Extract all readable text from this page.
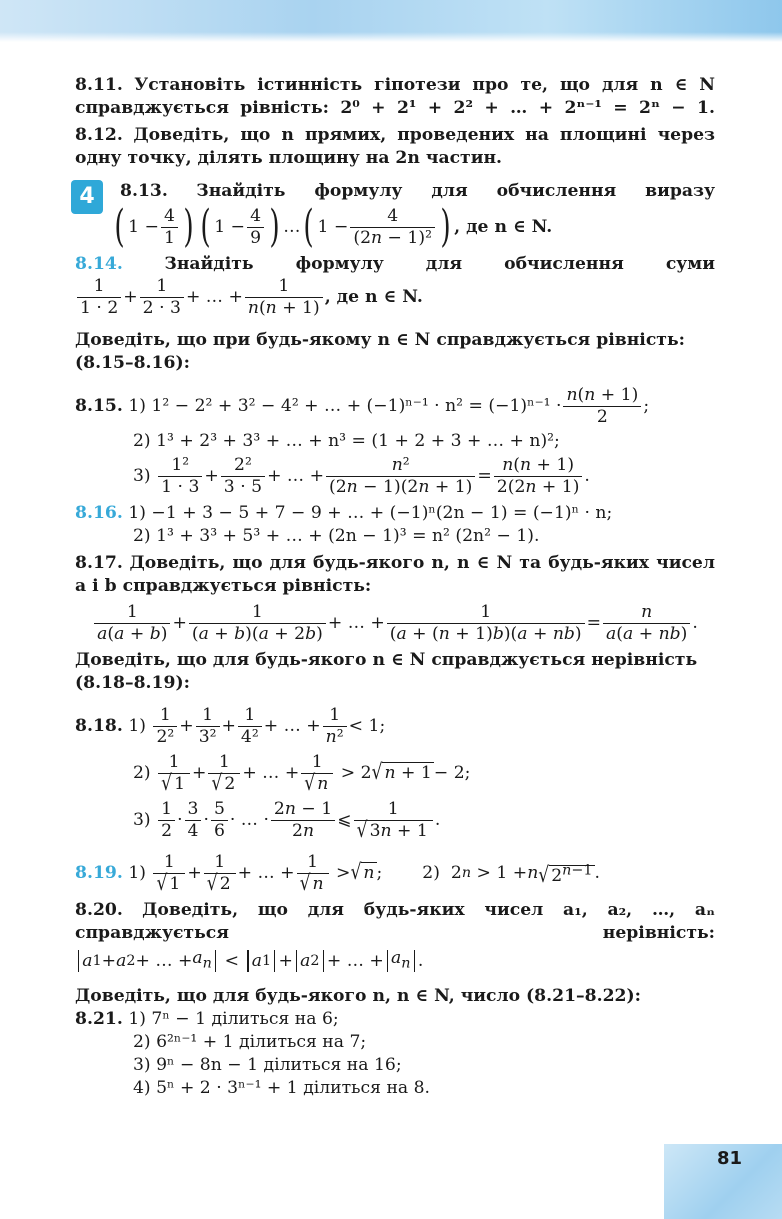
81
8.11. Установіть істинність гіпотези про те, що для n ∈ N справджується рівність: 2⁰ + 2¹ + 2² + … + 2ⁿ⁻¹ = 2ⁿ − 1.
8.12. Доведіть, що n прямих, проведених на площині через одну точку, ділять площину на 2n частин.
4	8.13. Знайдіть формулу для обчислення виразу
( $1 - \frac{4}{1}$ ) ( $1 - \frac{4}{9}$ ) … ( $1 - \frac{4}{\text{(2n − 1)²}}$ ) , де n ∈ N.
8.14. Знайдіть формулу для обчислення суми
$\frac{1}{1 \cdot 2} + \frac{1}{2 \cdot 3}$ + … + $\frac{1}{n(n + 1)}$ , де n ∈ N.
Доведіть, що при будь-якому n ∈ N справджується рівність: (8.15–8.16):
8.15.
1) 1² − 2² + 3² − 4² + … + $(-1)^{n-1} \cdot n^2 = (-1)^{n-1} \cdot \frac{n(n + 1)}{2}$ ;
2) 1³ + 2³ + 3³ + … + n³ = (1 + 2 + 3 + … + n)²;
3)
$\frac{\text{1²}}{1 \cdot 3} + \frac{\text{2²}}{3 \cdot 5}$ + … + $\frac{\text{n²}}{(2n - 1)(2n + 1)} = \frac{n(n + 1)}{2(2n + 1)}$ .
8.16. 1) −1 + 3 − 5 + 7 − 9 + … + (−1)ⁿ(2n − 1) = (−1)ⁿ · n;
2) 1³ + 3³ + 5³ + … + (2n − 1)³ = n² (2n² − 1).
8.17. Доведіть, що для будь-якого n, n ∈ N та будь-яких чисел a і b справджується рівність:
$\frac{1}{a(a + b)} + \frac{1}{(a + b)(a + 2b)}$ + … + $\frac{1}{(a + (n + 1)b)(a + nb)} = \frac{n}{a(a + nb)}$ .
Доведіть, що для будь-якого n ∈ N справджується нерівність (8.18–8.19):
8.18.
1)
$\frac{1}{\text{2²}} + \frac{1}{\text{3²}} + \frac{1}{\text{4²}}$ + … + $\frac{1}{\text{n²}} < 1$;
2)
$\frac{1}{√ 1} + \frac{1}{√ 2}$ + … + $\frac{1}{√ n} > 2$ √ n + 1 − 2;
3)
$\frac{1}{2} \cdot \frac{3}{4} \cdot \frac{5}{6}$ · … · $\frac{2n - 1}{2n}$ ⩽ $\frac{1}{√ 3n + 1}$ .
8.19.
1)
$\frac{1}{√ 1} + \frac{1}{√ 2}$ + … + $\frac{1}{√ n}$ > √ n ; 2) 2 n > 1 + n √ $2^{n-1}$ .
8.20. Доведіть, що для будь-яких чисел a₁, a₂, …, aₙ справджується нерівність:
a 1 + a 2 + … + $a_n < a$ 1 + a 2 + … + $a_n$ .
Доведіть, що для будь-якого n, n ∈ N, число (8.21–8.22):
8.21. 1) 7ⁿ − 1 ділиться на 6;
2) 6²ⁿ⁻¹ + 1 ділиться на 7;
3) 9ⁿ − 8n − 1 ділиться на 16;
4) 5ⁿ + 2 · 3ⁿ⁻¹ + 1 ділиться на 8.
